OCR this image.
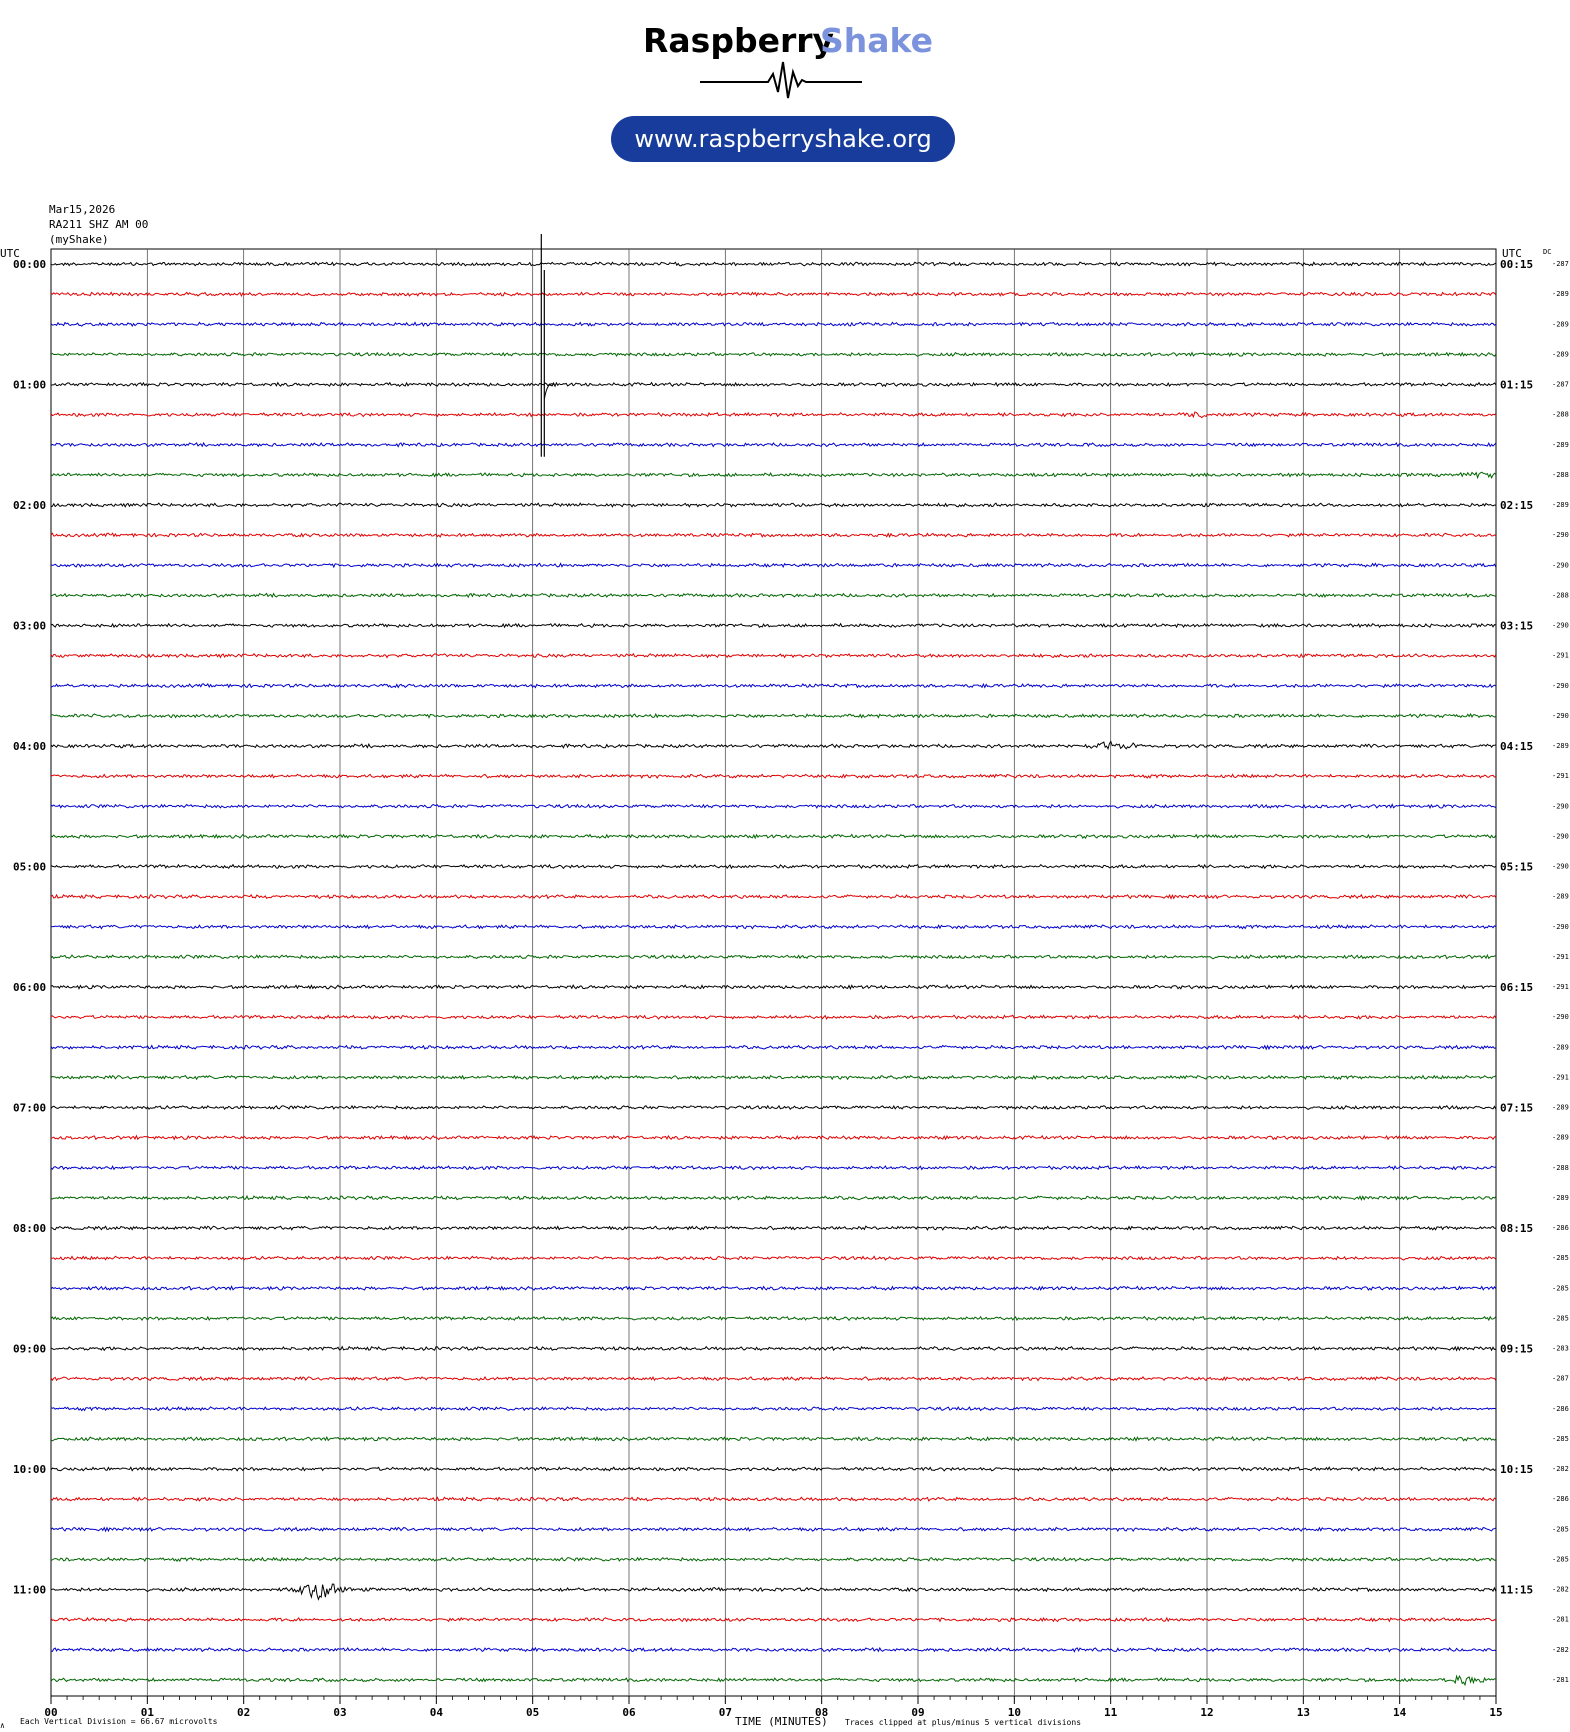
Raspberry
Shake
www.raspberryshake.org
Mar15,2026
RA211 SHZ AM 00
(myShake)
UTC	UTC	DC
00:00
01:00
02:00
03:00
04:00
05:00
06:00
07:00
08:00
09:00
10:00
11:00
00:15
01:15
02:15
03:15
04:15
05:15
06:15
07:15
08:15
09:15
10:15
11:15
-287
-289
-289
-289
-287
-288
-289
-288
-289
-290
-290
-288
-290
-291
-290
-290
-289
-291
-290
-290
-290
-289
-290
-291
-291
-290
-289
-291
-289
-289
-288
-289
-286
-285
-285
-285
-283
-287
-286
-285
-282
-286
-285
-285
-282
-281
-282
-281
00	01	02	03	04	05	06	07	08	09	10	11	12	13	14	15
∧ Each Vertical Division = 66.67 microvolts	TIME (MINUTES) Traces clipped at plus/minus 5 vertical divisions
